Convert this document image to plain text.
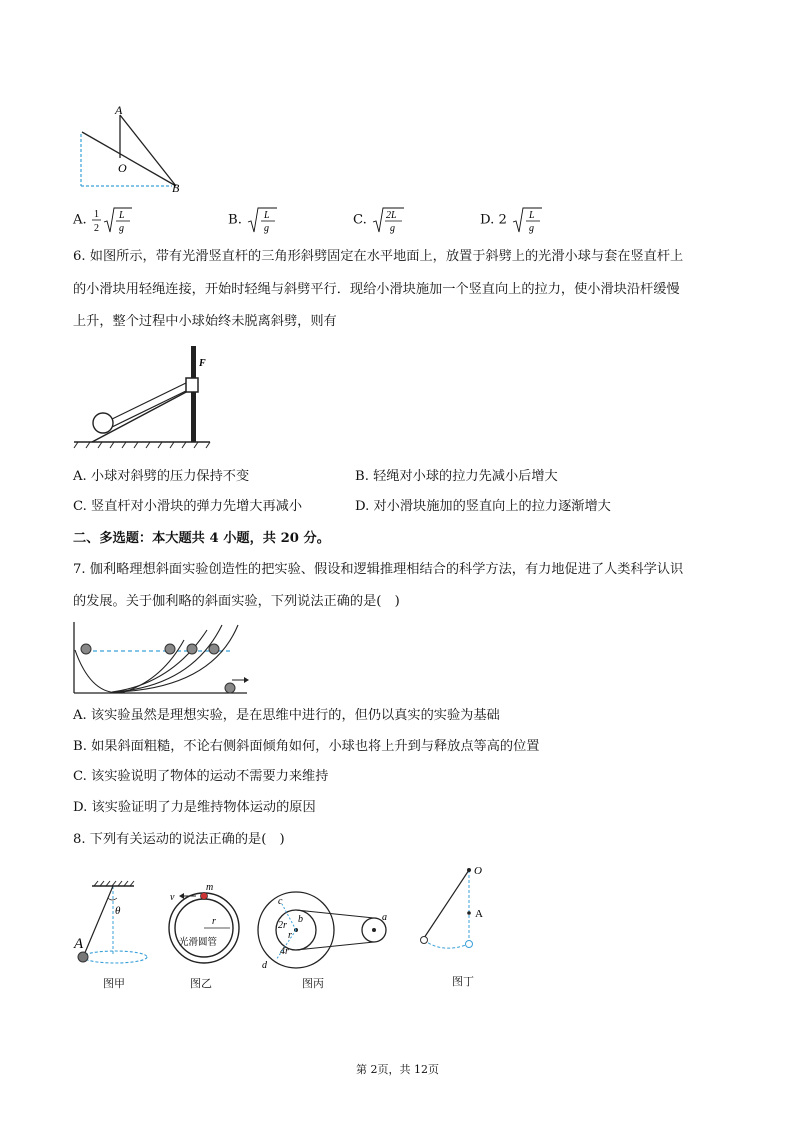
A
O
B
A. 1
2
L
g
B. L
g
C. 2L
g
D. 2 L
g
6. 如图所示，带有光滑竖直杆的三角形斜劈固定在水平地面上，放置于斜劈上的光滑小球与套在竖直杆上
的小滑块用轻绳连接，开始时轻绳与斜劈平行．现给小滑块施加一个竖直向上的拉力，使小滑块沿杆缓慢
上升，整个过程中小球始终未脱离斜劈，则有
F
A. 小球对斜劈的压力保持不变	B. 轻绳对小球的拉力先减小后增大
C. 竖直杆对小滑块的弹力先增大再减小	D. 对小滑块施加的竖直向上的拉力逐渐增大
二、多选题：本大题共 4 小题，共 20 分。
7. 伽利略理想斜面实验创造性的把实验、假设和逻辑推理相结合的科学方法，有力地促进了人类科学认识
的发展。关于伽利略的斜面实验，下列说法正确的是(　)
A. 该实验虽然是理想实验，是在思维中进行的，但仍以真实的实验为基础
B. 如果斜面粗糙，不论右侧斜面倾角如何，小球也将上升到与释放点等高的位置
C. 该实验说明了物体的运动不需要力来维持
D. 该实验证明了力是维持物体运动的原因
8. 下列有关运动的说法正确的是(　)
θ
A
图甲
v
m
r
光滑圆管
图乙
c
b
2r
r
4r
d
a
图丙
O
A
图丁
第 2页，共 12页
